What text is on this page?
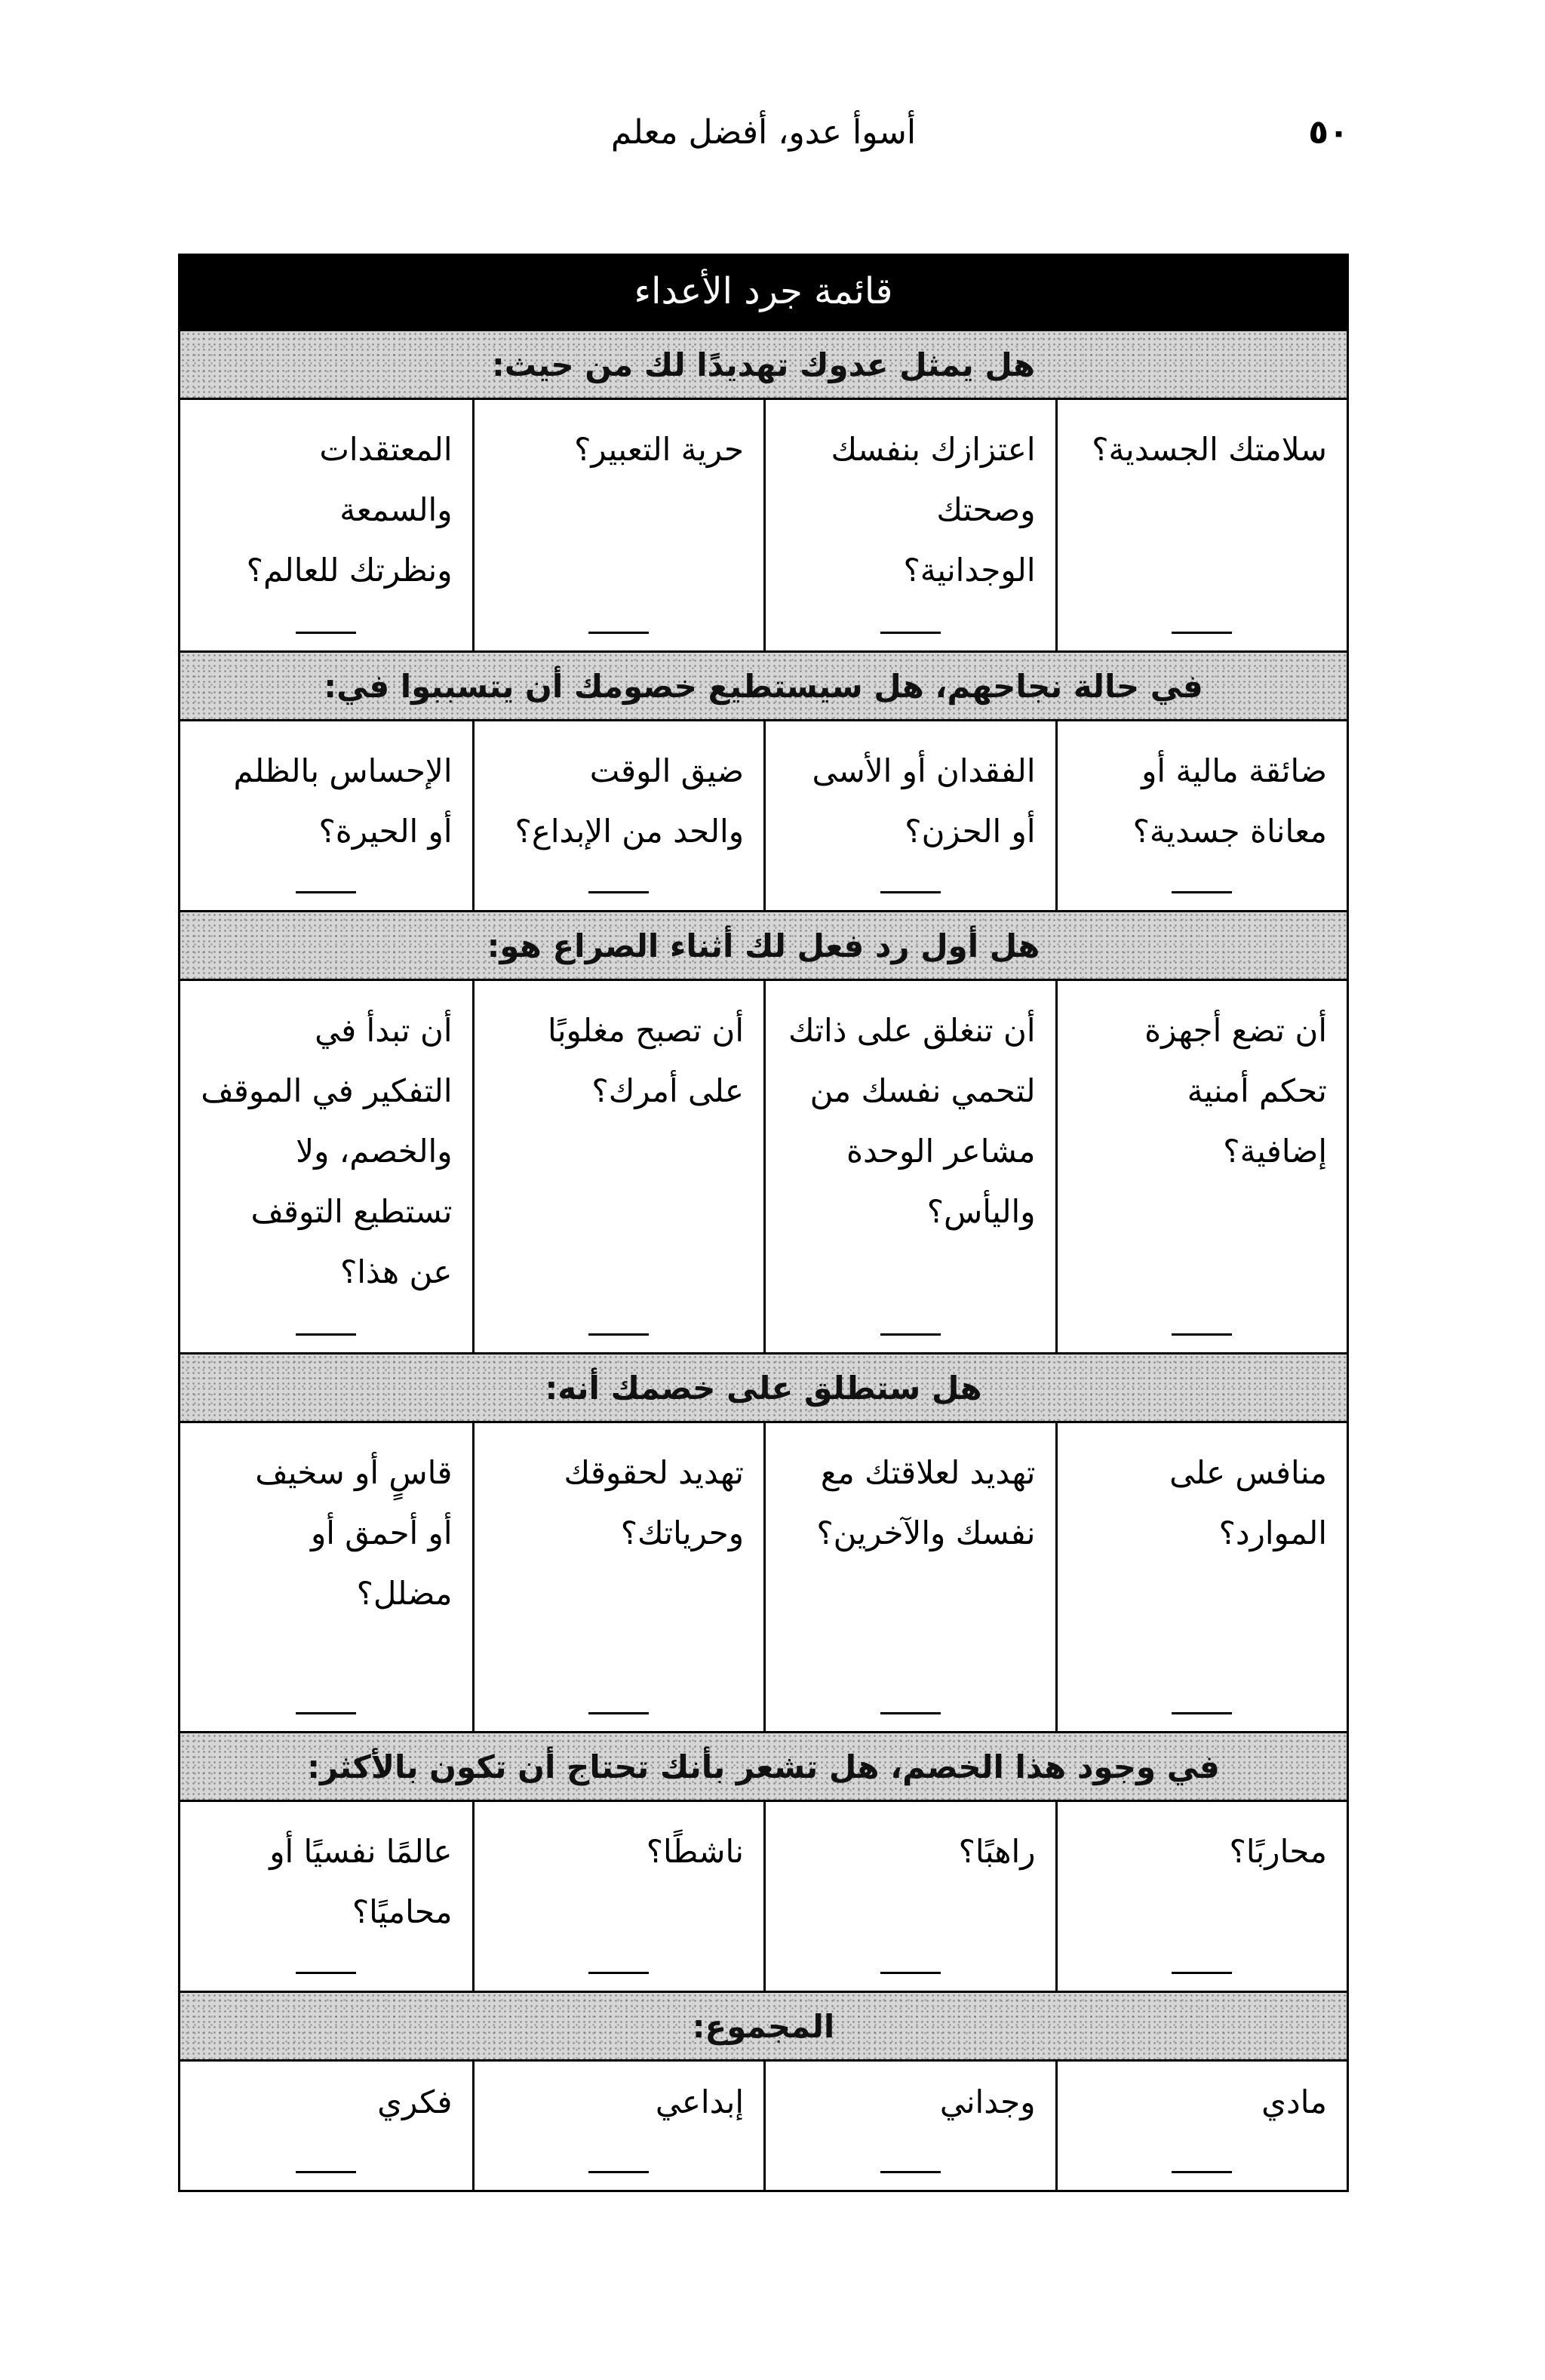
٥٠
أسوأ عدو، أفضل معلم
قائمة جرد الأعداء
هل يمثل عدوك تهديدًا لك من حيث:
سلامتك الجسدية؟
اعتزازك بنفسك
وصحتك
الوجدانية؟
حرية التعبير؟
المعتقدات والسمعة
ونظرتك للعالم؟
في حالة نجاحهم، هل سيستطيع خصومك أن يتسببوا في:
ضائقة مالية أو
معاناة جسدية؟
الفقدان أو الأسى
أو الحزن؟
ضيق الوقت
والحد من الإبداع؟
الإحساس بالظلم
أو الحيرة؟
هل أول رد فعل لك أثناء الصراع هو:
أن تضع أجهزة
تحكم أمنية
إضافية؟
أن تنغلق على ذاتك
لتحمي نفسك من
مشاعر الوحدة
واليأس؟
أن تصبح مغلوبًا
على أمرك؟
أن تبدأ في
التفكير في الموقف
والخصم، ولا
تستطيع التوقف
عن هذا؟
هل ستطلق على خصمك أنه:
منافس على
الموارد؟
تهديد لعلاقتك مع
نفسك والآخرين؟
تهديد لحقوقك
وحرياتك؟
قاسٍ أو سخيف
أو أحمق أو
مضلل؟
في وجود هذا الخصم، هل تشعر بأنك تحتاج أن تكون بالأكثر:
محاربًا؟
راهبًا؟
ناشطًا؟
عالمًا نفسيًا أو
محاميًا؟
المجموع:
مادي
وجداني
إبداعي
فكري
